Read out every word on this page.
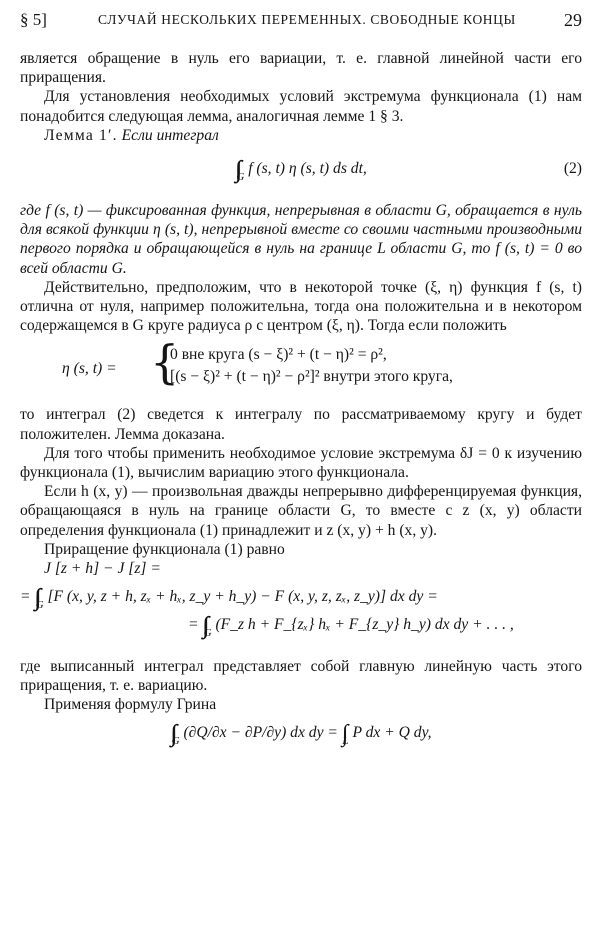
§ 5]	СЛУЧАЙ НЕСКОЛЬКИХ ПЕРЕМЕННЫХ. СВОБОДНЫЕ КОНЦЫ	29

является обращение в нуль его вариации, т. е. главной линейной части его приращения.

Для установления необходимых условий экстремума функционала (1) нам понадобится следующая лемма, аналогичная лемме 1 § 3.

Лемма 1′. Если интеграл

$\int\int_G$ f (s, t) η (s, t) ds dt,	(2)

где f (s, t) — фиксированная функция, непрерывная в области G, обращается в нуль для всякой функции η (s, t), непрерывной вместе со своими частными производными первого порядка и обращающейся в нуль на границе L области G, то f (s, t) = 0 во всей области G.

Действительно, предположим, что в некоторой точке (ξ, η) функция f (s, t) отлична от нуля, например положительна, тогда она положительна и в некотором содержащемся в G круге радиуса ρ с центром (ξ, η). Тогда если положить

η (s, t) = {
0 вне круга (s − ξ)² + (t − η)² = ρ²,
[(s − ξ)² + (t − η)² − ρ²]² внутри этого круга,

то интеграл (2) сведется к интегралу по рассматриваемому кругу и будет положителен. Лемма доказана.

Для того чтобы применить необходимое условие экстремума δJ = 0 к изучению функционала (1), вычислим вариацию этого функционала.

Если h (x, y) — произвольная дважды непрерывно дифференцируемая функция, обращающаяся в нуль на границе области G, то вместе с z (x, y) области определения функционала (1) принадлежит и z (x, y) + h (x, y).

Приращение функционала (1) равно

J [z + h] − J [z] =
= $\int\int_G$ [F (x, y, z + h, zₓ + hₓ, z_y + h_y) − F (x, y, z, zₓ, z_y)] dx dy =
= $\int\int_G$ (F_z h + F_{zₓ} hₓ + F_{z_y} h_y) dx dy + . . . ,

где выписанный интеграл представляет собой главную линейную часть этого приращения, т. е. вариацию.

Применяя формулу Грина

$\int\int_G$ (∂Q/∂x − ∂P/∂y) dx dy = $\int_L$ P dx + Q dy,
